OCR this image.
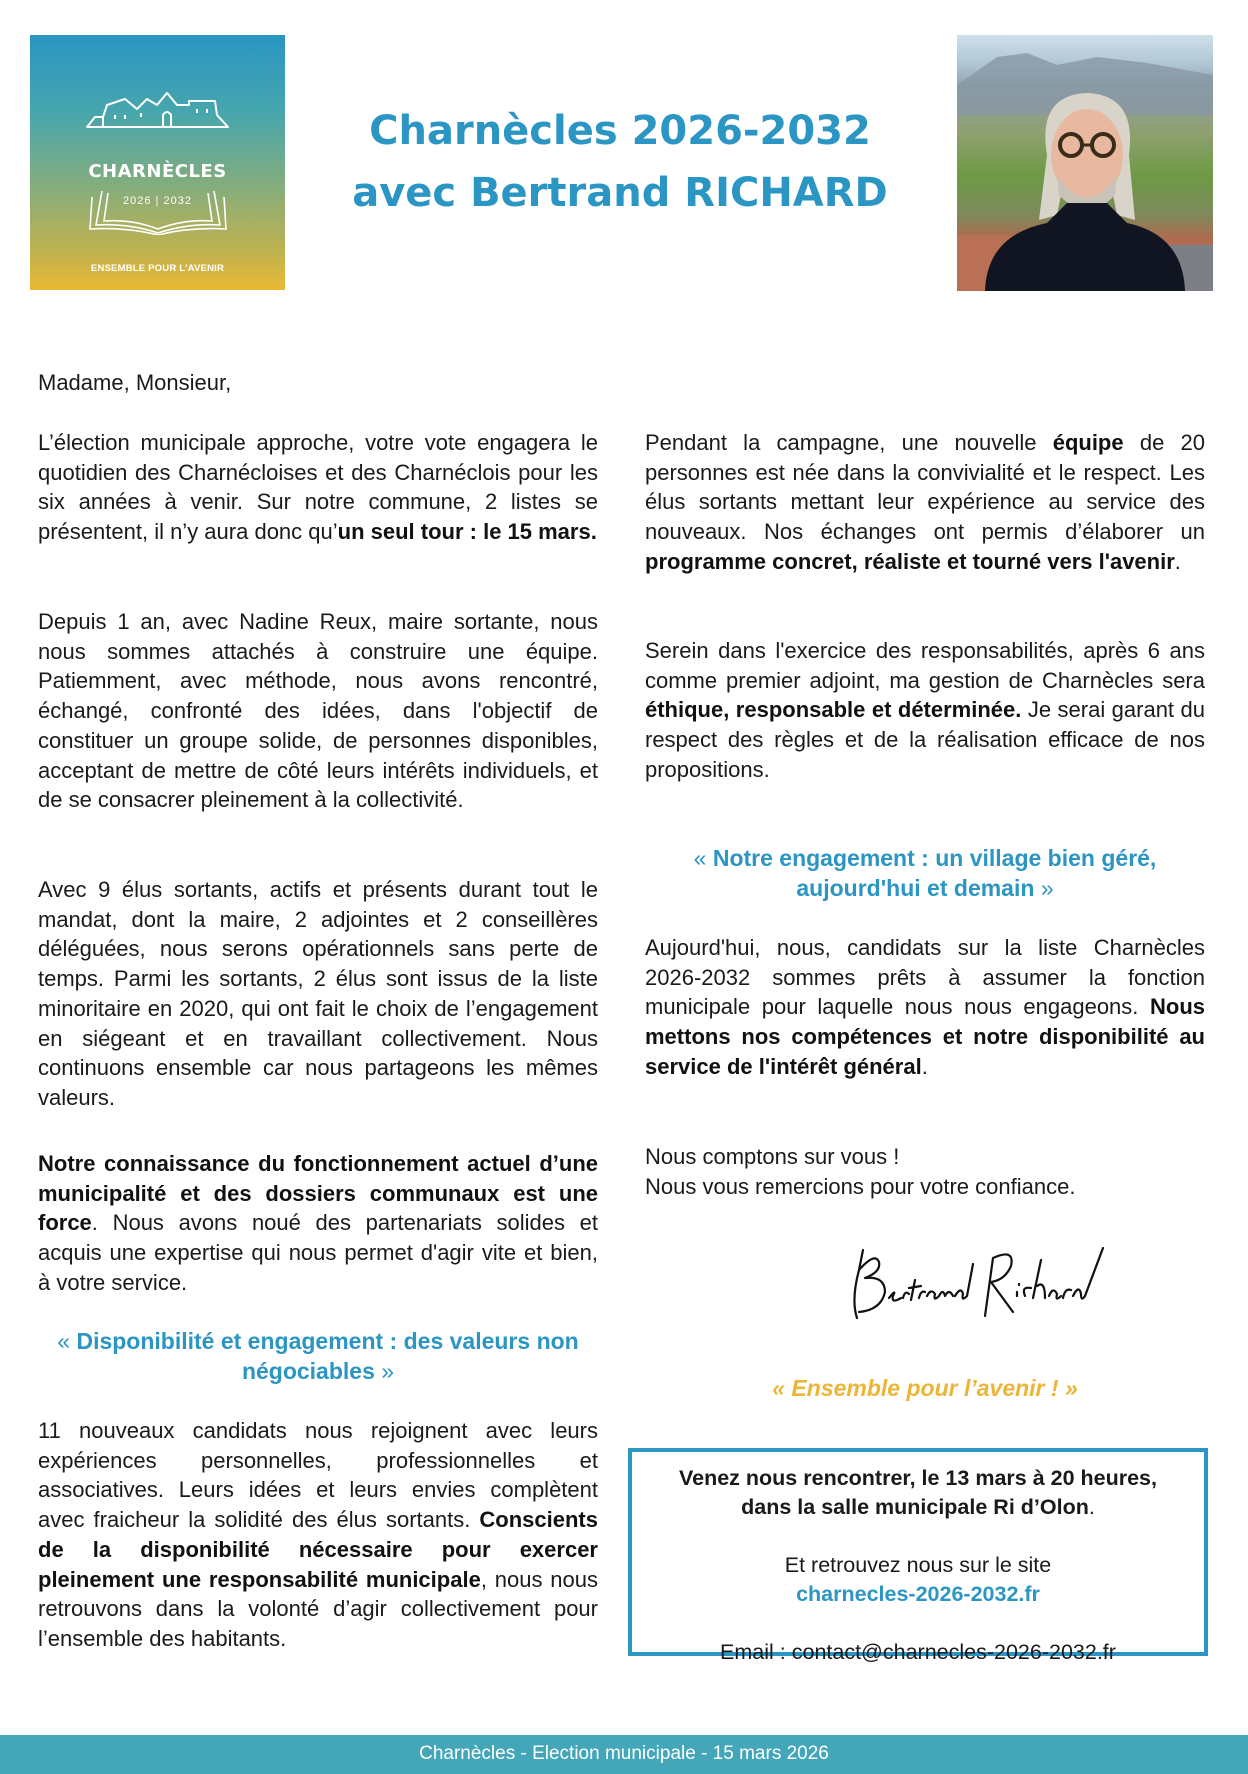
CHARNÈCLES
2026 | 2032
ENSEMBLE POUR L'AVENIR
Charnècles 2026-2032
avec Bertrand RICHARD

Madame, Monsieur,

L’élection municipale approche, votre vote engagera le quotidien des Charnécloises et des Charnéclois pour les six années à venir. Sur notre commune, 2 listes se présentent, il n’y aura donc qu’un seul tour : le 15 mars.

Depuis 1 an, avec Nadine Reux, maire sortante, nous nous sommes attachés à construire une équipe. Patiemment, avec méthode, nous avons rencontré, échangé, confronté des idées, dans l'objectif de constituer un groupe solide, de personnes disponibles, acceptant de mettre de côté leurs intérêts individuels, et de se consacrer pleinement à la collectivité.

Avec 9 élus sortants, actifs et présents durant tout le mandat, dont la maire, 2 adjointes et 2 conseillères déléguées, nous serons opérationnels sans perte de temps. Parmi les sortants, 2 élus sont issus de la liste minoritaire en 2020, qui ont fait le choix de l’engagement en siégeant et en travaillant collectivement. Nous continuons ensemble car nous partageons les mêmes valeurs.

Notre connaissance du fonctionnement actuel d’une municipalité et des dossiers communaux est une force. Nous avons noué des partenariats solides et acquis une expertise qui nous permet d'agir vite et bien, à votre service.

« Disponibilité et engagement : des valeurs non négociables »

11 nouveaux candidats nous rejoignent avec leurs expériences personnelles, professionnelles et associatives. Leurs idées et leurs envies complètent avec fraicheur la solidité des élus sortants. Conscients de la disponibilité nécessaire pour exercer pleinement une responsabilité municipale, nous nous retrouvons dans la volonté d’agir collectivement pour l’ensemble des habitants.

Pendant la campagne, une nouvelle équipe de 20 personnes est née dans la convivialité et le respect. Les élus sortants mettant leur expérience au service des nouveaux. Nos échanges ont permis d’élaborer un programme concret, réaliste et tourné vers l'avenir.

Serein dans l'exercice des responsabilités, après 6 ans comme premier adjoint, ma gestion de Charnècles sera éthique, responsable et déterminée. Je serai garant du respect des règles et de la réalisation efficace de nos propositions.

« Notre engagement : un village bien géré, aujourd'hui et demain »

Aujourd'hui, nous, candidats sur la liste Charnècles 2026-2032 sommes prêts à assumer la fonction municipale pour laquelle nous nous engageons. Nous mettons nos compétences et notre disponibilité au service de l'intérêt général.

Nous comptons sur vous !

Nous vous remercions pour votre confiance.

« Ensemble pour l’avenir ! »
Venez nous rencontrer, le 13 mars à 20 heures,
dans la salle municipale Ri d’Olon.
Et retrouvez nous sur le site
charnecles-2026-2032.fr
Email : contact@charnecles-2026-2032.fr
Charnècles - Election municipale - 15 mars 2026
